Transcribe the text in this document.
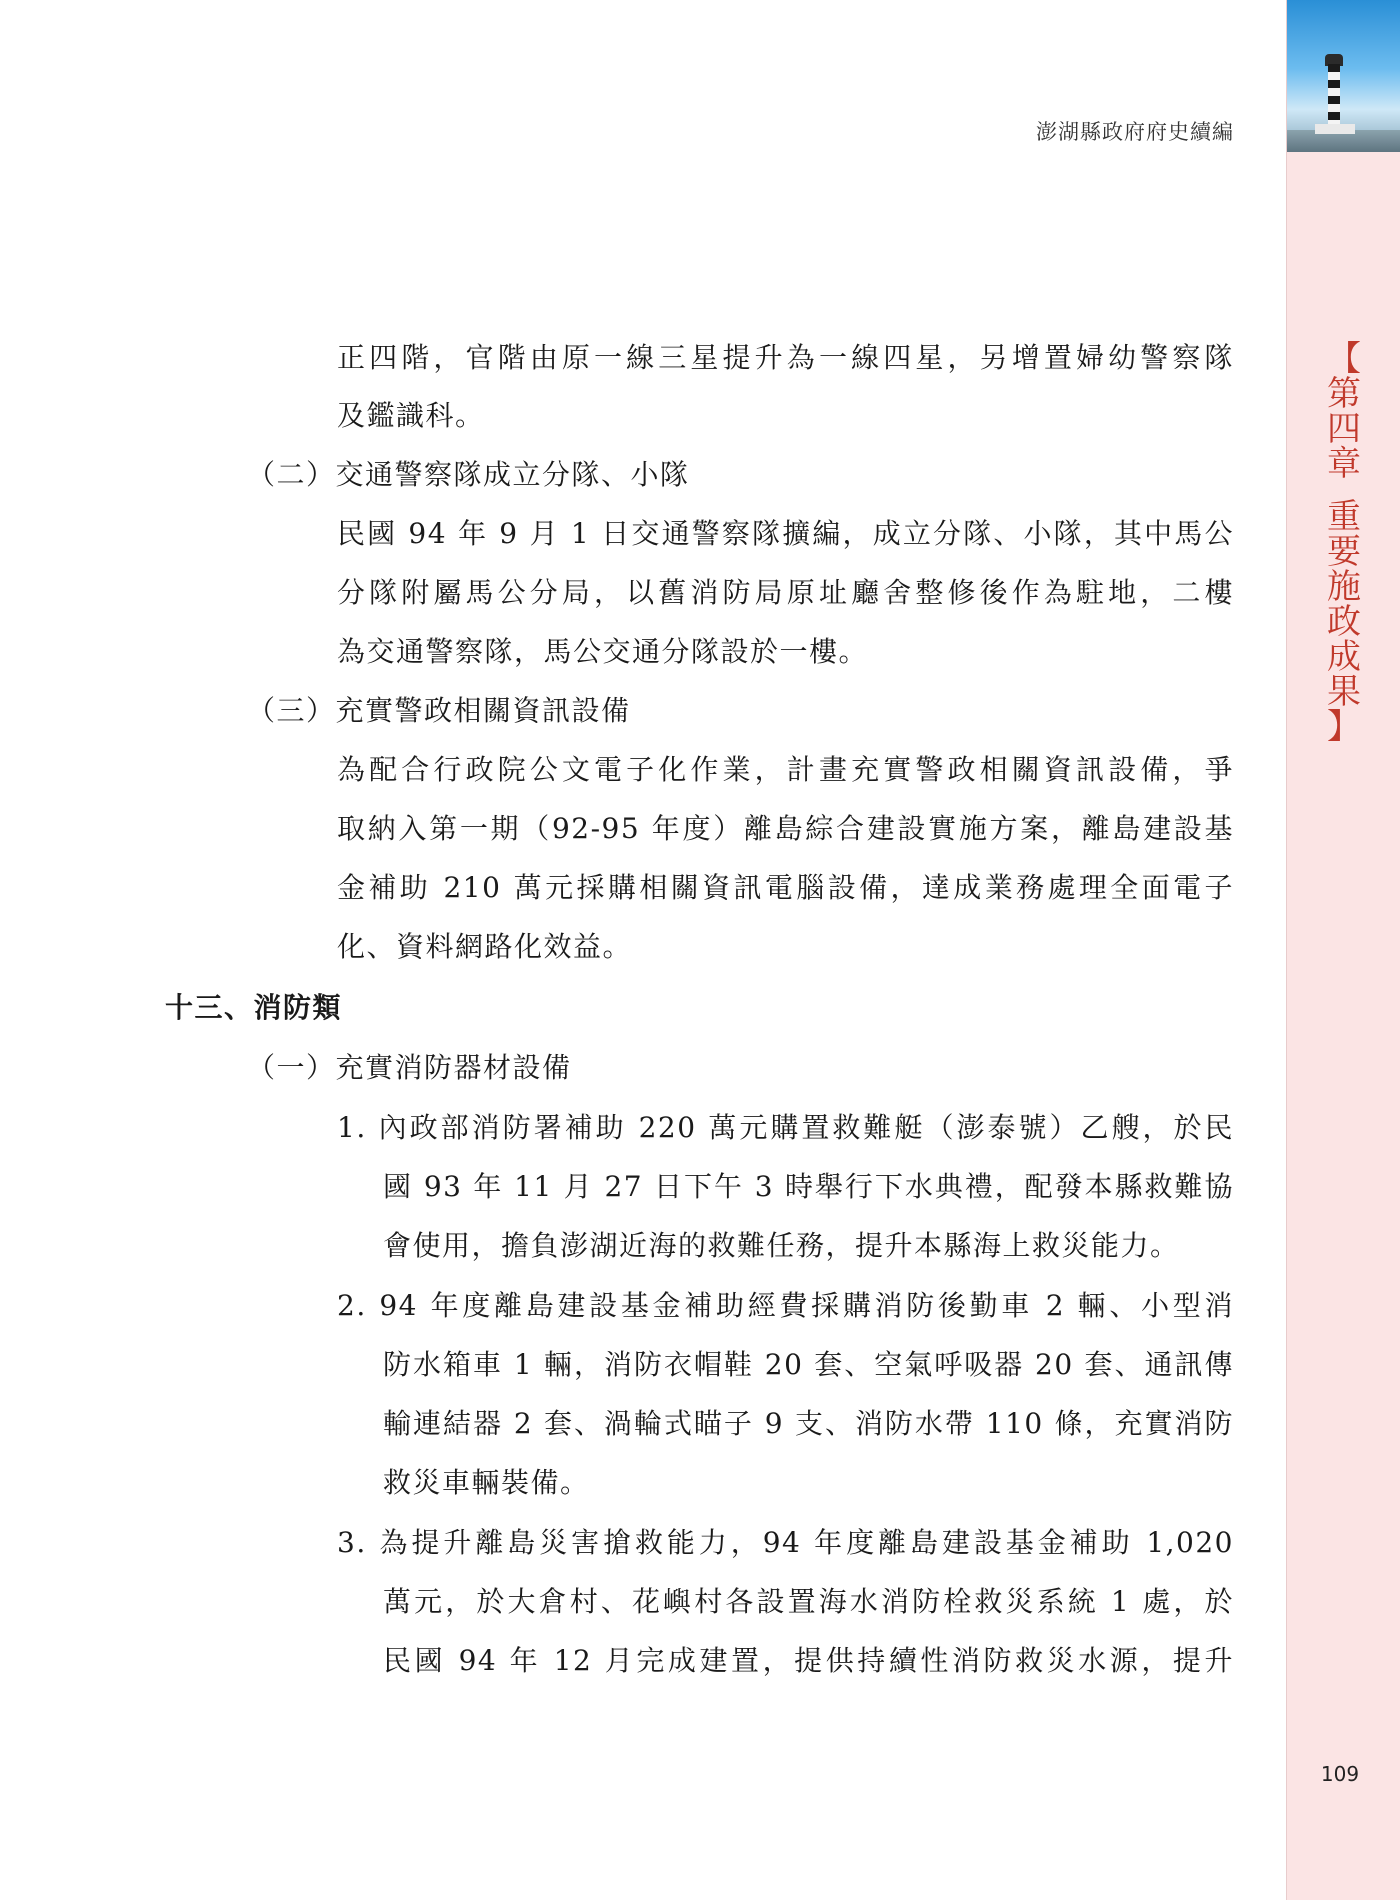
澎湖縣政府府史續編
正四階，官階由原一線三星提升為一線四星，另增置婦幼警察隊
及鑑識科。
（二）交通警察隊成立分隊、小隊
民國 94 年 9 月 1 日交通警察隊擴編，成立分隊、小隊，其中馬公
分隊附屬馬公分局，以舊消防局原址廳舍整修後作為駐地，二樓
為交通警察隊，馬公交通分隊設於一樓。
（三）充實警政相關資訊設備
為配合行政院公文電子化作業，計畫充實警政相關資訊設備，爭
取納入第一期（92-95 年度）離島綜合建設實施方案，離島建設基
金補助 210 萬元採購相關資訊電腦設備，達成業務處理全面電子
化、資料網路化效益。
十三、消防類
（一）充實消防器材設備
1. 內政部消防署補助 220 萬元購置救難艇（澎泰號）乙艘，於民
國 93 年 11 月 27 日下午 3 時舉行下水典禮，配發本縣救難協
會使用，擔負澎湖近海的救難任務，提升本縣海上救災能力。
2. 94 年度離島建設基金補助經費採購消防後勤車 2 輛、小型消
防水箱車 1 輛，消防衣帽鞋 20 套、空氣呼吸器 20 套、通訊傳
輸連結器 2 套、渦輪式瞄子 9 支、消防水帶 110 條，充實消防
救災車輛裝備。
3. 為提升離島災害搶救能力，94 年度離島建設基金補助 1,020
萬元，於大倉村、花嶼村各設置海水消防栓救災系統 1 處，於
民國 94 年 12 月完成建置，提供持續性消防救災水源，提升
【
第
四
章
重
要
施
政
成
果
】
109
